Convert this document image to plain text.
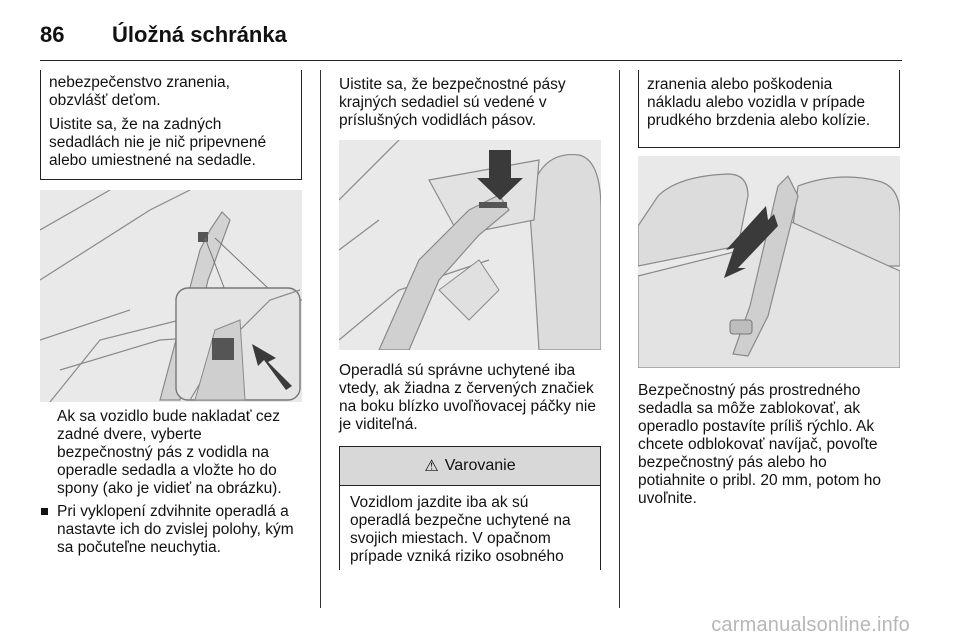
86 Úložná schránka

nebezpečenstvo zranenia,

obzvlášť deťom.

Uistite sa, že na zadných

sedadlách nie je nič pripevnené

alebo umiestnené na sedadle.

Ak sa vozidlo bude nakladať cez

zadné dvere, vyberte

bezpečnostný pás z vodidla na

operadle sedadla a vložte ho do

spony (ako je vidieť na obrázku).

Pri vyklopení zdvihnite operadlá a
nastavte ich do zvislej polohy, kým
sa počuteľne neuchytia.

Uistite sa, že bezpečnostné pásy

krajných sedadiel sú vedené v

príslušných vodidlách pásov.

Operadlá sú správne uchytené iba

vtedy, ak žiadna z červených značiek

na boku blízko uvoľňovacej páčky nie

je viditeľná.

⚠ Varovanie

Vozidlom jazdite iba ak sú

operadlá bezpečne uchytené na

svojich miestach. V opačnom

prípade vzniká riziko osobného

zranenia alebo poškodenia

nákladu alebo vozidla v prípade

prudkého brzdenia alebo kolízie.

Bezpečnostný pás prostredného

sedadla sa môže zablokovať, ak

operadlo postavíte príliš rýchlo. Ak

chcete odblokovať navíjač, povoľte

bezpečnostný pás alebo ho

potiahnite o pribl. 20 mm, potom ho

uvoľnite.

carmanualsonline.info
